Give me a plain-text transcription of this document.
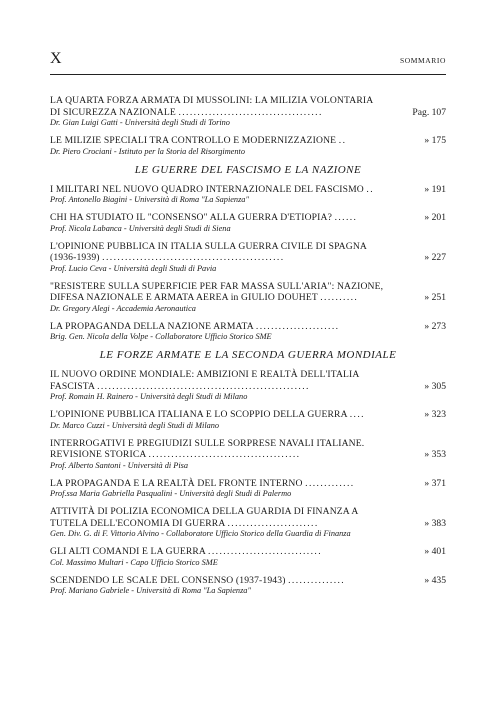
X	SOMMARIO
LA QUARTA FORZA ARMATA DI MUSSOLINI: LA MILIZIA VOLONTARIA
DI SICUREZZA NAZIONALE ......................................	Pag. 107
Dr. Gian Luigi Gatti - Università degli Studi di Torino
LE MILIZIE SPECIALI TRA CONTROLLO E MODERNIZZAZIONE ..	» 175
Dr. Piero Crociani - Istituto per la Storia del Risorgimento
LE GUERRE DEL FASCISMO E LA NAZIONE
I MILITARI NEL NUOVO QUADRO INTERNAZIONALE DEL FASCISMO ..	» 191
Prof. Antonello Biagini - Università di Roma "La Sapienza"
CHI HA STUDIATO IL "CONSENSO" ALLA GUERRA D'ETIOPIA? ......	» 201
Prof. Nicola Labanca - Università degli Studi di Siena
L'OPINIONE PUBBLICA IN ITALIA SULLA GUERRA CIVILE DI SPAGNA
(1936-1939) ................................................	» 227
Prof. Lucio Ceva - Università degli Studi di Pavia
"RESISTERE SULLA SUPERFICIE PER FAR MASSA SULL'ARIA": NAZIONE,
DIFESA NAZIONALE E ARMATA AEREA in GIULIO DOUHET ..........	» 251
Dr. Gregory Alegi - Accademia Aeronautica
LA PROPAGANDA DELLA NAZIONE ARMATA ......................	» 273
Brig. Gen. Nicola della Volpe - Collaboratore Ufficio Storico SME
LE FORZE ARMATE E LA SECONDA GUERRA MONDIALE
IL NUOVO ORDINE MONDIALE: AMBIZIONI E REALTÀ DELL'ITALIA
FASCISTA ........................................................	» 305
Prof. Romain H. Rainero - Università degli Studi di Milano
L'OPINIONE PUBBLICA ITALIANA E LO SCOPPIO DELLA GUERRA ....	» 323
Dr. Marco Cuzzi - Università degli Studi di Milano
INTERROGATIVI E PREGIUDIZI SULLE SORPRESE NAVALI ITALIANE.
REVISIONE STORICA ........................................	» 353
Prof. Alberto Santoni - Università di Pisa
LA PROPAGANDA E LA REALTÀ DEL FRONTE INTERNO .............	» 371
Prof.ssa Maria Gabriella Pasqualini - Università degli Studi di Palermo
ATTIVITÀ DI POLIZIA ECONOMICA DELLA GUARDIA DI FINANZA A
TUTELA DELL'ECONOMIA DI GUERRA ........................	» 383
Gen. Div. G. di F. Vittorio Alvino - Collaboratore Ufficio Storico della Guardia di Finanza
GLI ALTI COMANDI E LA GUERRA ..............................	» 401
Col. Massimo Multari - Capo Ufficio Storico SME
SCENDENDO LE SCALE DEL CONSENSO (1937-1943) ...............	» 435
Prof. Mariano Gabriele - Università di Roma "La Sapienza"
